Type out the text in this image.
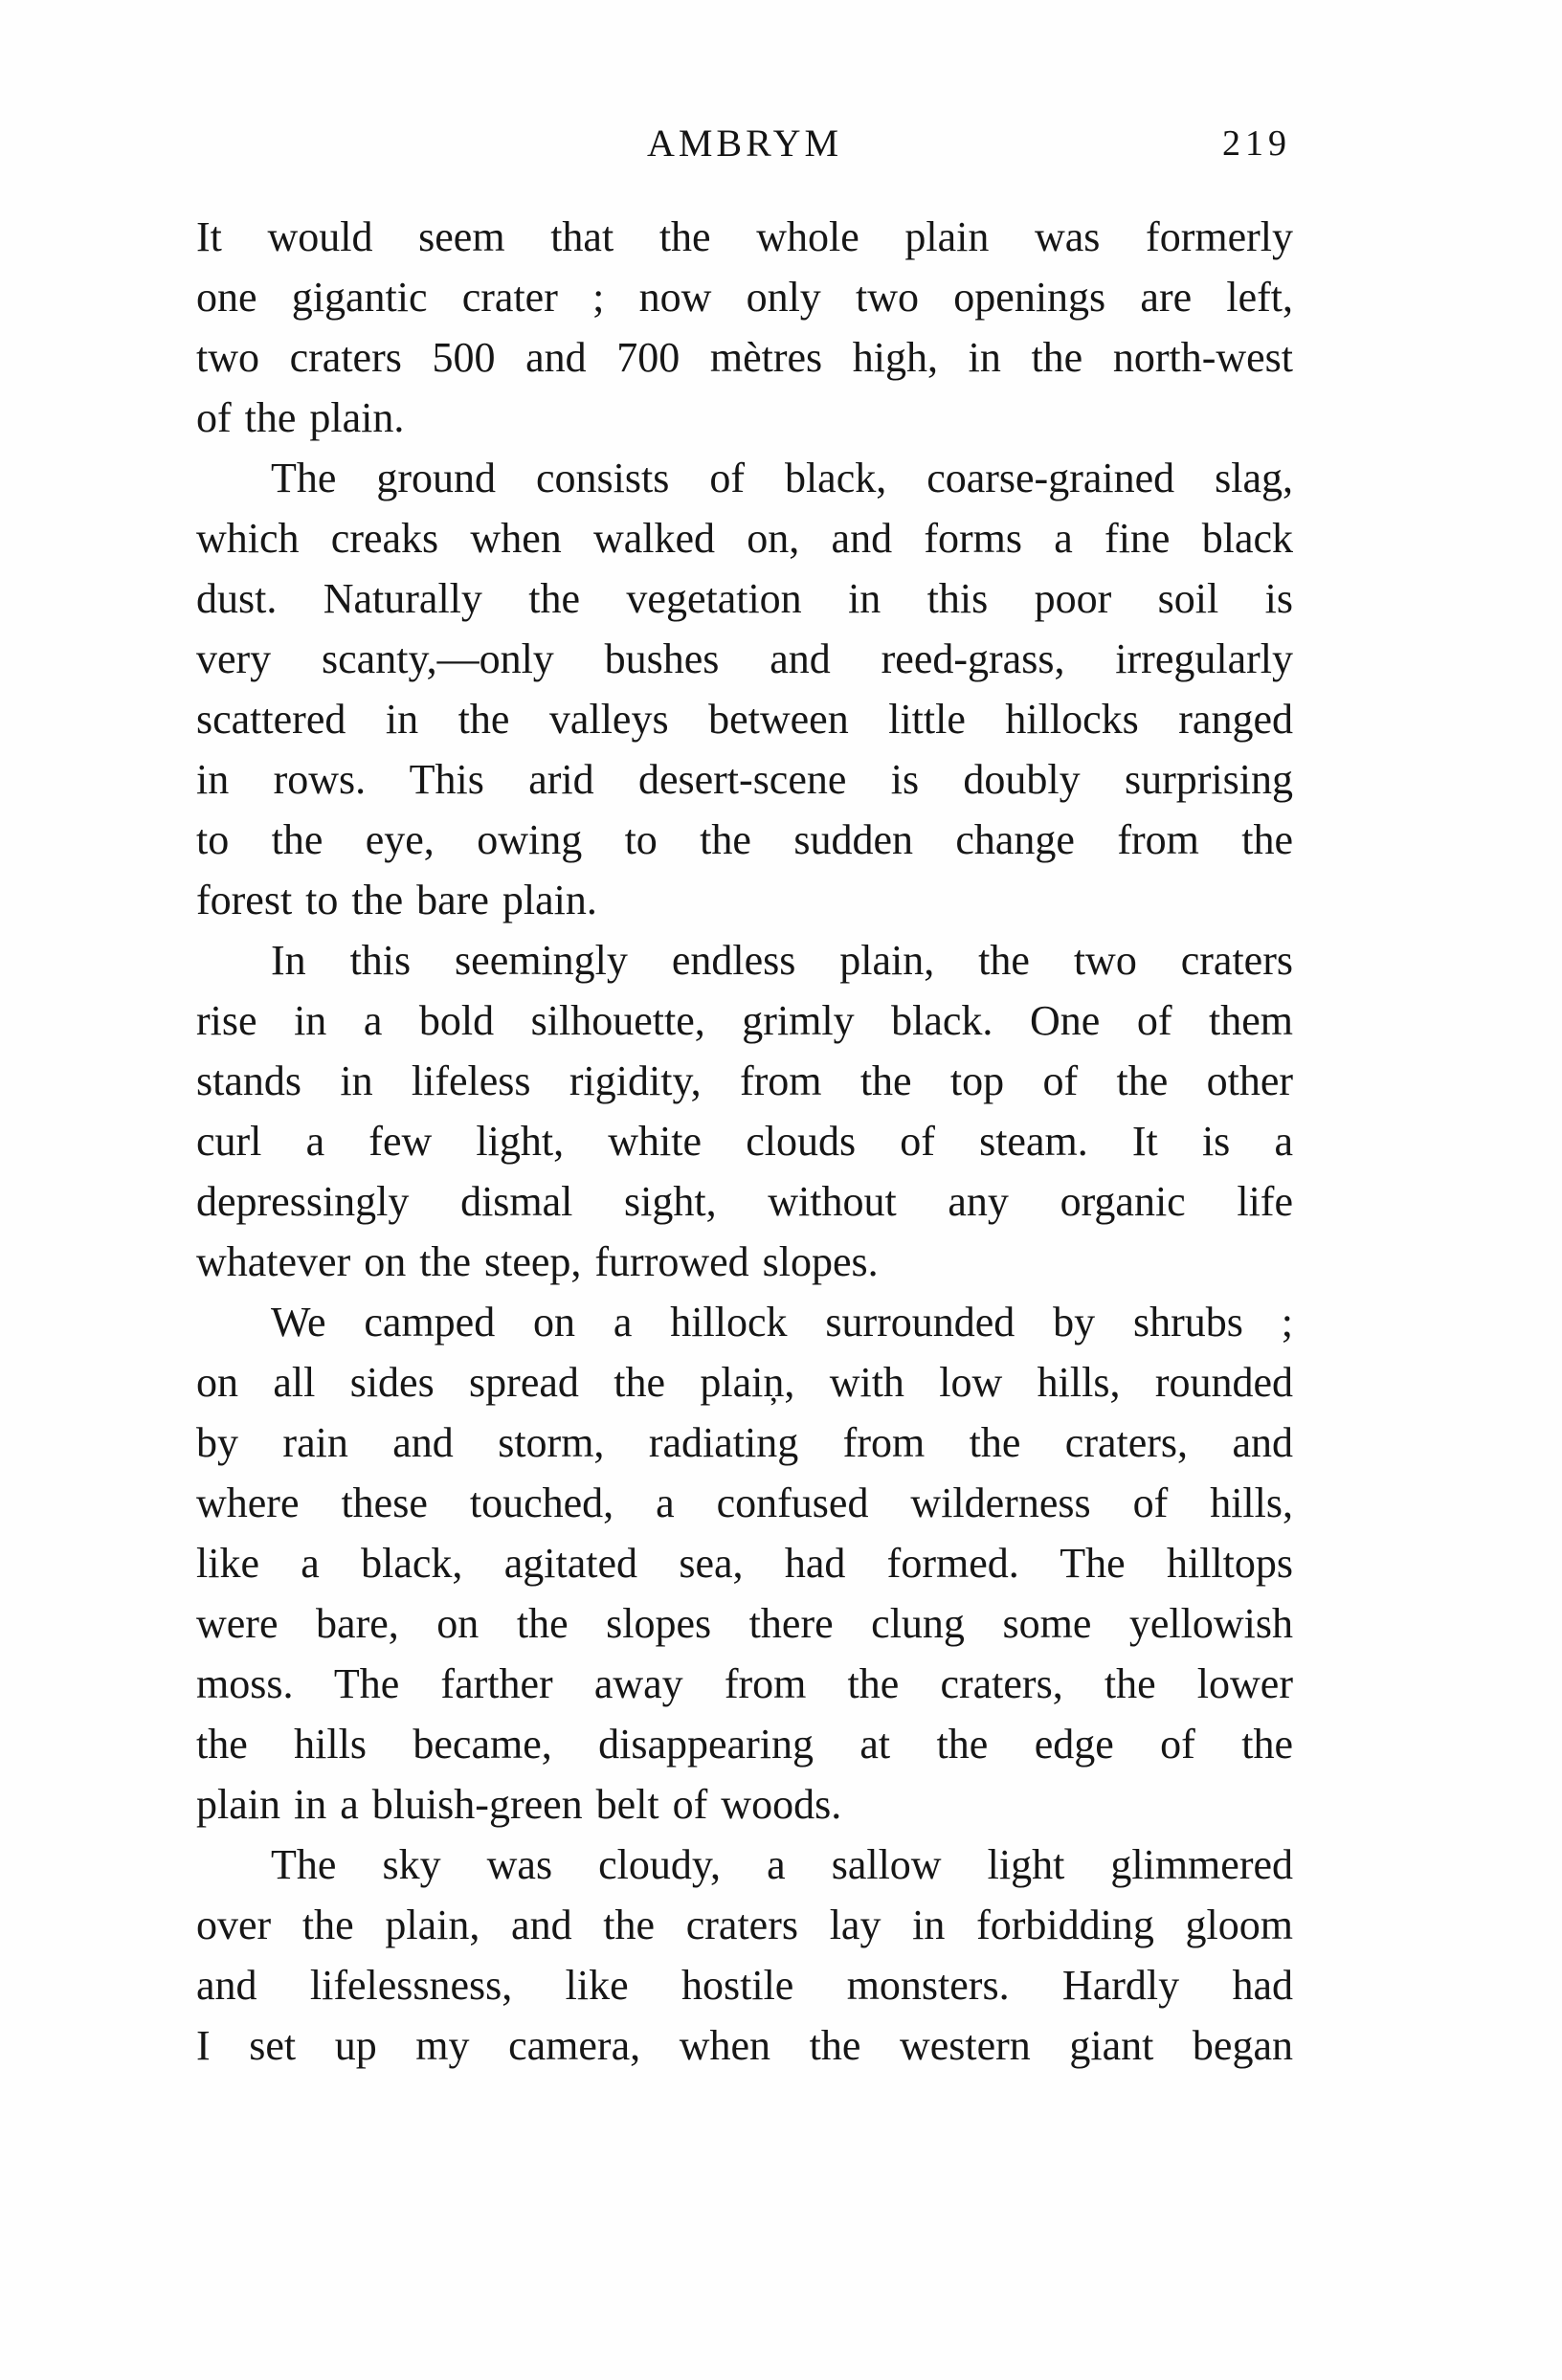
AMBRYM	219
It would seem that the whole plain was formerly
one gigantic crater ; now only two openings are left,
two craters 500 and 700 mètres high, in the north-west
of the plain.
The ground consists of black, coarse-grained slag,
which creaks when walked on, and forms a fine black
dust. Naturally the vegetation in this poor soil is
very scanty,—only bushes and reed-grass, irregularly
scattered in the valleys between little hillocks ranged
in rows. This arid desert-scene is doubly surprising
to the eye, owing to the sudden change from the
forest to the bare plain.
In this seemingly endless plain, the two craters
rise in a bold silhouette, grimly black. One of them
stands in lifeless rigidity, from the top of the other
curl a few light, white clouds of steam. It is a
depressingly dismal sight, without any organic life
whatever on the steep, furrowed slopes.
We camped on a hillock surrounded by shrubs ;
on all sides spread the plaiņ, with low hills, rounded
by rain and storm, radiating from the craters, and
where these touched, a confused wilderness of hills,
like a black, agitated sea, had formed. The hilltops
were bare, on the slopes there clung some yellowish
moss. The farther away from the craters, the lower
the hills became, disappearing at the edge of the
plain in a bluish-green belt of woods.
The sky was cloudy, a sallow light glimmered
over the plain, and the craters lay in forbidding gloom
and lifelessness, like hostile monsters. Hardly had
I set up my camera, when the western giant began
